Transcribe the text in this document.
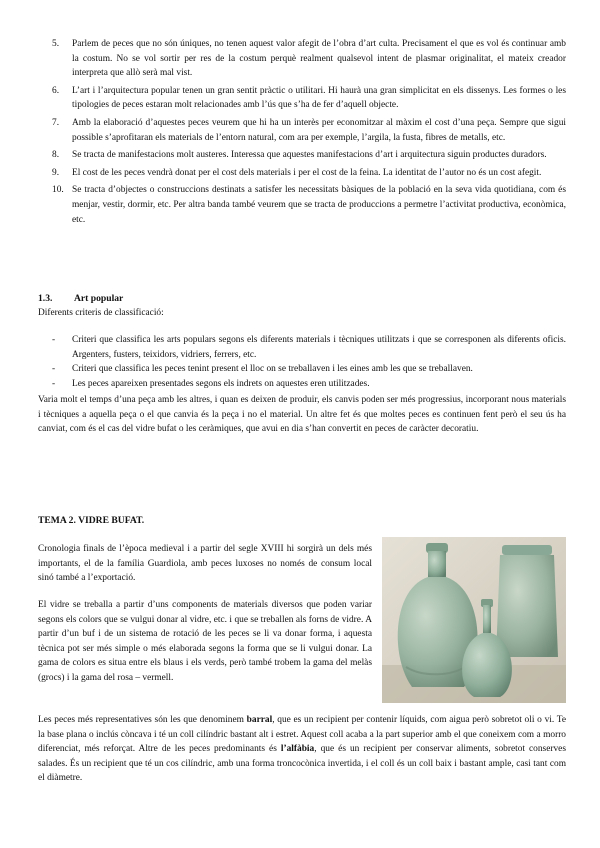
5.	Parlem de peces que no són úniques, no tenen aquest valor afegit de l’obra d’art culta. Precisament el que es vol és continuar amb la costum. No se vol sortir per res de la costum perquè realment qualsevol intent de plasmar originalitat, el mateix creador interpreta que allò serà mal vist.
6.	L’art i l’arquitectura popular tenen un gran sentit pràctic o utilitari. Hi haurà una gran simplicitat en els dissenys. Les formes o les tipologies de peces estaran molt relacionades amb l’ús que s’ha de fer d’aquell objecte.
7.	Amb la elaboració d’aquestes peces veurem que hi ha un interès per economitzar al màxim el cost d’una peça. Sempre que sigui possible s’aprofitaran els materials de l’entorn natural, com ara per exemple, l’argila, la fusta, fibres de metalls, etc.
8.	Se tracta de manifestacions molt austeres. Interessa que aquestes manifestacions d’art i arquitectura siguin productes duradors.
9.	El cost de les peces vendrà donat per el cost dels materials i per el cost de la feina. La identitat de l’autor no és un cost afegit.
10. Se tracta d’objectes o construccions destinats a satisfer les necessitats bàsiques de la població en la seva vida quotidiana, com és menjar, vestir, dormir, etc. Per altra banda també veurem que se tracta de produccions a permetre l’activitat productiva, econòmica, etc.
1.3. Art popular
Diferents criteris de classificació:
-	Criteri que classifica les arts populars segons els diferents materials i tècniques utilitzats i que se corresponen als diferents oficis. Argenters, fusters, teixidors, vidriers, ferrers, etc.
-	Criteri que classifica les peces tenint present el lloc on se treballaven i les eines amb les que se treballaven.
-	Les peces apareixen presentades segons els indrets on aquestes eren utilitzades.
Varia molt el temps d’una peça amb les altres, i quan es deixen de produir, els canvis poden ser més progressius, incorporant nous materials i tècniques a aquella peça o el que canvia és la peça i no el material. Un altre fet és que moltes peces es continuen fent però el seu ús ha canviat, com és el cas del vidre bufat o les ceràmiques, que avui en dia s’han convertit en peces de caràcter decoratiu.
TEMA 2. VIDRE BUFAT.
Cronologia finals de l’època medieval i a partir del segle XVIII hi sorgirà un dels més importants, el de la família Guardiola, amb peces luxoses no només de consum local sinó també a l’exportació.
El vidre se treballa a partir d’uns components de materials diversos que poden variar segons els colors que se vulgui donar al vidre, etc. i que se treballen als forns de vidre. A partir d’un buf i de un sistema de rotació de les peces se li va donar forma, i aquesta tècnica pot ser més simple o més elaborada segons la forma que se li vulgui donar. La gama de colors es situa entre els blaus i els verds, però també trobem la gama del melàs (grocs) i la gama del rosa – vermell.
Les peces més representatives són les que denominem barral, que es un recipient per contenir líquids, com aigua però sobretot oli o vi. Te la base plana o inclús còncava i té un coll cilíndric bastant alt i estret. Aquest coll acaba a la part superior amb el que coneixem com a morro diferenciat, més reforçat. Altre de les peces predominants és l’alfàbia, que és un recipient per conservar aliments, sobretot conserves salades. És un recipient que té un cos cilíndric, amb una forma troncocònica invertida, i el coll és un coll baix i bastant ample, casi tant com el diàmetre.
